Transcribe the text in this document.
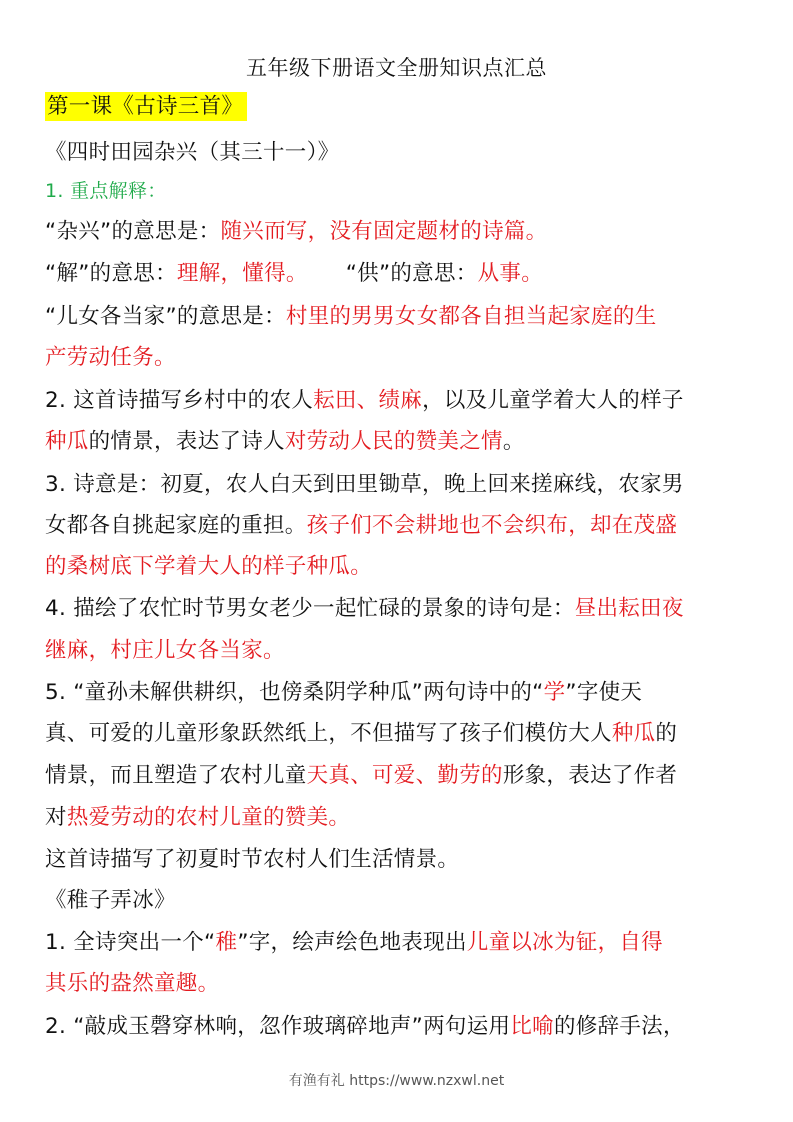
五年级下册语文全册知识点汇总
第一课《古诗三首》
《四时田园杂兴（其三十一）》
1. 重点解释：
“杂兴”的意思是：随兴而写，没有固定题材的诗篇。
“解”的意思：理解，懂得。 “供”的意思：从事。
“儿女各当家”的意思是：村里的男男女女都各自担当起家庭的生
产劳动任务。
2. 这首诗描写乡村中的农人耘田、绩麻，以及儿童学着大人的样子
种瓜的情景，表达了诗人对劳动人民的赞美之情。
3. 诗意是：初夏，农人白天到田里锄草，晚上回来搓麻线，农家男
女都各自挑起家庭的重担。孩子们不会耕地也不会织布，却在茂盛
的桑树底下学着大人的样子种瓜。
4. 描绘了农忙时节男女老少一起忙碌的景象的诗句是：昼出耘田夜
继麻，村庄儿女各当家。
5. “童孙未解供耕织，也傍桑阴学种瓜”两句诗中的“学”字使天
真、可爱的儿童形象跃然纸上，不但描写了孩子们模仿大人种瓜的
情景，而且塑造了农村儿童天真、可爱、勤劳的形象，表达了作者
对热爱劳动的农村儿童的赞美。
这首诗描写了初夏时节农村人们生活情景。
《稚子弄冰》
1. 全诗突出一个“稚”字，绘声绘色地表现出儿童以冰为钲，自得
其乐的盎然童趣。
2. “敲成玉磬穿林响，忽作玻璃碎地声”两句运用比喻的修辞手法，
有渔有礼 https://www.nzxwl.net
